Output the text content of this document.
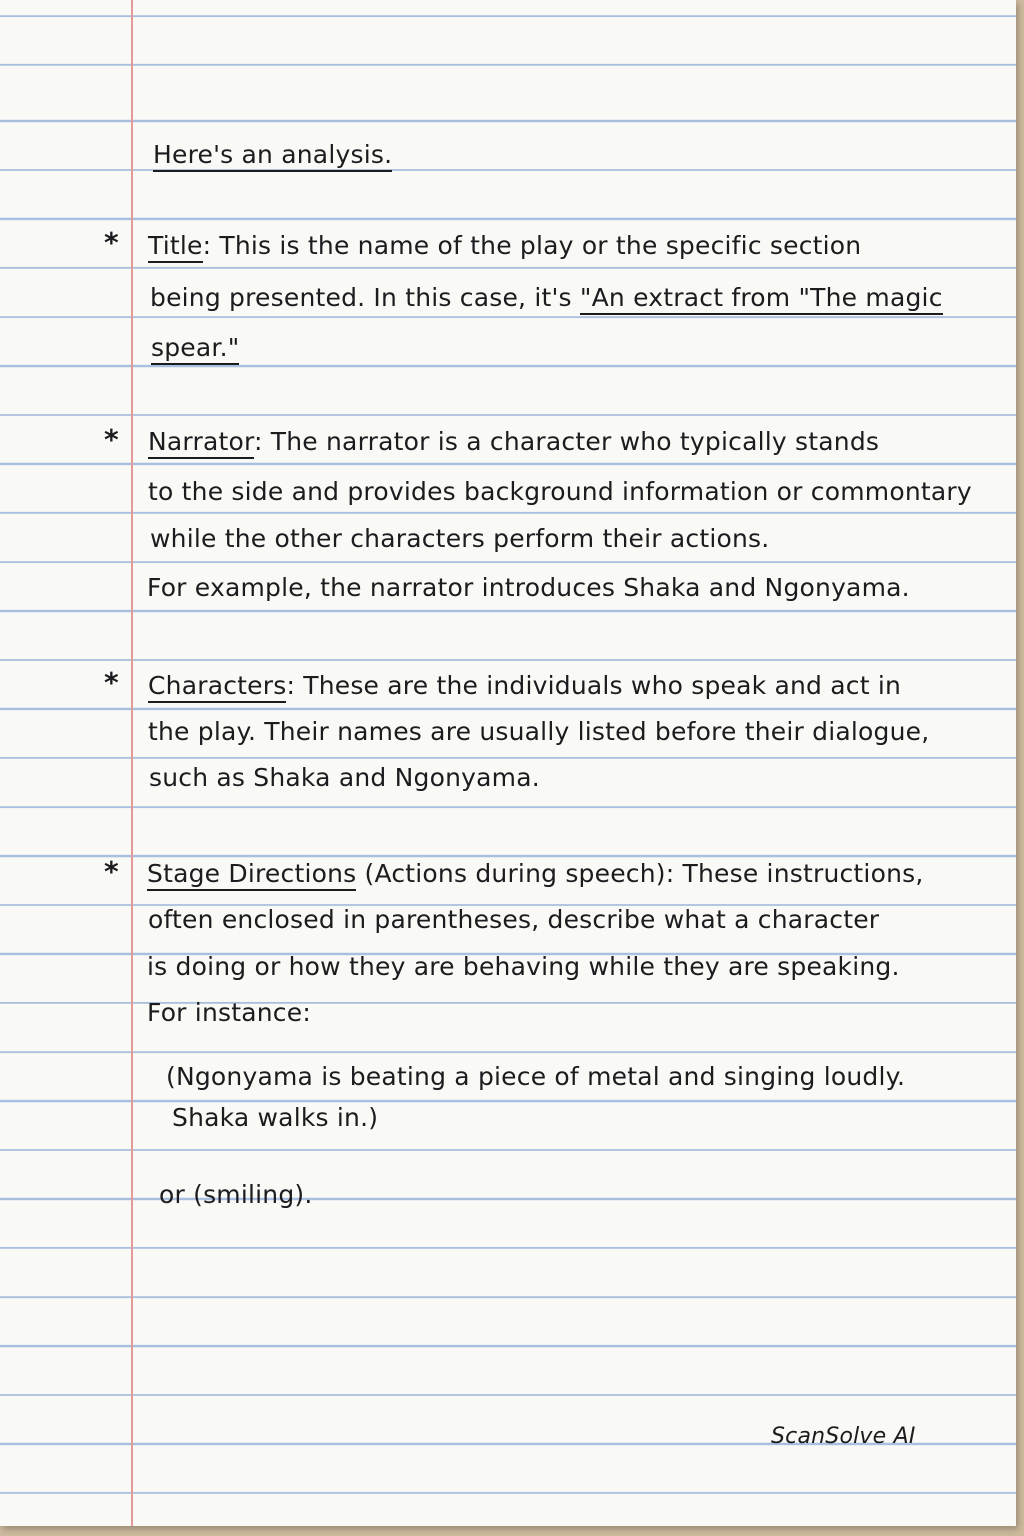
Here's an analysis.
* Title: This is the name of the play or the specific section
being presented. In this case, it's "An extract from "The magic
spear."
* Narrator: The narrator is a character who typically stands
to the side and provides background information or commontary
while the other characters perform their actions.
For example, the narrator introduces Shaka and Ngonyama.
* Characters: These are the individuals who speak and act in
the play. Their names are usually listed before their dialogue,
such as Shaka and Ngonyama.
* Stage Directions (Actions during speech): These instructions,
often enclosed in parentheses, describe what a character
is doing or how they are behaving while they are speaking.
For instance:
(Ngonyama is beating a piece of metal and singing loudly.
Shaka walks in.)
or (smiling).
ScanSolve AI
